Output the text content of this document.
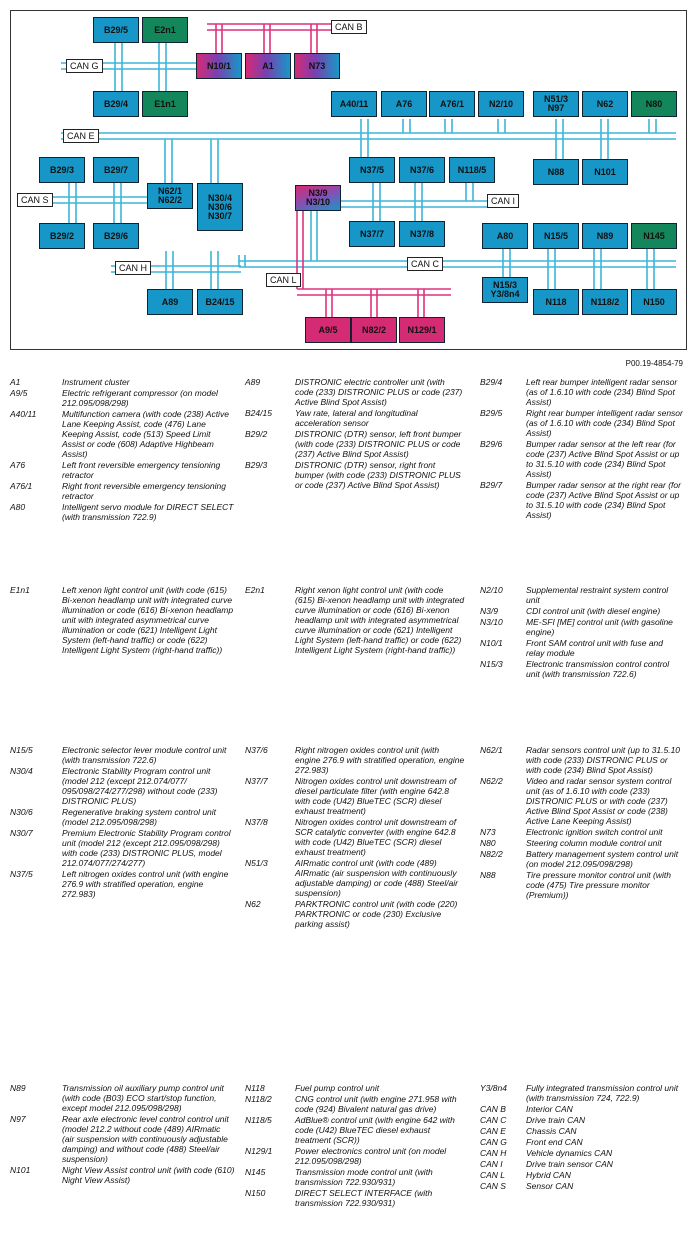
CAN B
CAN G
CAN E
CAN S	CAN I
CAN H	CAN C
CAN L
B29/5	E2n1
N10/1	A1	N73
B29/4	E1n1	A40/11	A76	A76/1	N2/10	N51/3
N97	N62	N80
B29/3	B29/7
N62/1
N62/2	N30/4
N30/6
N30/7
N37/5	N37/6	N118/5	N88	N101
N3/9
N3/10
B29/2	B29/6	N37/7	N37/8	A80	N15/5	N89	N145
A89	B24/15
N15/3
Y3/8n4
N118	N118/2	N150
A9/5	N82/2	N129/1
P00.19-4854-79
A1	Instrument cluster
A9/5	Electric refrigerant compressor (on model 212.095/098/298)
A40/11	Multifunction camera (with code (238) Active Lane Keeping Assist, code (476) Lane Keeping Assist, code (513) Speed Limit Assist or code (608) Adaptive Highbeam Assist)
A76	Left front reversible emergency tensioning retractor
A76/1	Right front reversible emergency tensioning retractor
A80	Intelligent servo module for DIRECT SELECT (with transmission 722.9)
A89	DISTRONIC electric controller unit (with code (233) DISTRONIC PLUS or code (237) Active Blind Spot Assist)
B24/15	Yaw rate, lateral and longitudinal acceleration sensor
B29/2	DISTRONIC (DTR) sensor, left front bumper (with code (233) DISTRONIC PLUS or code (237) Active Blind Spot Assist)
B29/3	DISTRONIC (DTR) sensor, right front bumper (with code (233) DISTRONIC PLUS or code (237) Active Blind Spot Assist)
B29/4	Left rear bumper intelligent radar sensor (as of 1.6.10 with code (234) Blind Spot Assist)
B29/5	Right rear bumper intelligent radar sensor (as of 1.6.10 with code (234) Blind Spot Assist)
B29/6	Bumper radar sensor at the left rear (for code (237) Active Blind Spot Assist or up to 31.5.10 with code (234) Blind Spot Assist)
B29/7	Bumper radar sensor at the right rear (for code (237) Active Blind Spot Assist or up to 31.5.10 with code (234) Blind Spot Assist)
E1n1	Left xenon light control unit (with code (615) Bi-xenon headlamp unit with integrated curve illumination or code (616) Bi-xenon headlamp unit with integrated asymmetrical curve illumination or code (621) Intelligent Light System (left-hand traffic) or code (622) Intelligent Light System (right-hand traffic))
E2n1	Right xenon light control unit (with code (615) Bi-xenon headlamp unit with integrated curve illumination or code (616) Bi-xenon headlamp unit with integrated asymmetrical curve illumination or code (621) Intelligent Light System (left-hand traffic) or code (622) Intelligent Light System (right-hand traffic))
N2/10	Supplemental restraint system control unit
N3/9	CDI control unit (with diesel engine)
N3/10	ME-SFI [ME] control unit (with gasoline engine)
N10/1	Front SAM control unit with fuse and relay module
N15/3	Electronic transmission control control unit (with transmission 722.6)
N15/5	Electronic selector lever module control unit (with transmission 722.6)
N30/4	Electronic Stability Program control unit (model 212 (except 212.074/077/ 095/098/274/277/298) without code (233) DISTRONIC PLUS)
N30/6	Regenerative braking system control unit (model 212.095/098/298)
N30/7	Premium Electronic Stability Program control unit (model 212 (except 212.095/098/298) with code (233) DISTRONIC PLUS, model 212.074/077/274/277)
N37/5	Left nitrogen oxides control unit (with engine 276.9 with stratified operation, engine 272.983)
N37/6	Right nitrogen oxides control unit (with engine 276.9 with stratified operation, engine 272.983)
N37/7	Nitrogen oxides control unit downstream of diesel particulate filter (with engine 642.8 with code (U42) BlueTEC (SCR) diesel exhaust treatment)
N37/8	Nitrogen oxides control unit downstream of SCR catalytic converter (with engine 642.8 with code (U42) BlueTEC (SCR) diesel exhaust treatment)
N51/3	AIRmatic control unit (with code (489) AIRmatic (air suspension with continuously adjustable damping) or code (488) Steel/air suspension)
N62	PARKTRONIC control unit (with code (220) PARKTRONIC or code (230) Exclusive parking assist)
N62/1	Radar sensors control unit (up to 31.5.10 with code (233) DISTRONIC PLUS or with code (234) Blind Spot Assist)
N62/2	Video and radar sensor system control unit (as of 1.6.10 with code (233) DISTRONIC PLUS or with code (237) Active Blind Spot Assist or code (238) Active Lane Keeping Assist)
N73	Electronic ignition switch control unit
N80	Steering column module control unit
N82/2	Battery management system control unit (on model 212.095/098/298)
N88	Tire pressure monitor control unit (with code (475) Tire pressure monitor (Premium))
N89	Transmission oil auxiliary pump control unit (with code (B03) ECO start/stop function, except model 212.095/098/298)
N97	Rear axle electronic level control control unit (model 212.2 without code (489) AIRmatic (air suspension with continuously adjustable damping) and without code (488) Steel/air suspension)
N101	Night View Assist control unit (with code (610) Night View Assist)
N118	Fuel pump control unit
N118/2	CNG control unit (with engine 271.958 with code (924) Bivalent natural gas drive)
N118/5	AdBlue® control unit (with engine 642 with code (U42) BlueTEC diesel exhaust treatment (SCR))
N129/1	Power electronics control unit (on model 212.095/098/298)
N145	Transmission mode control unit (with transmission 722.930/931)
N150	DIRECT SELECT INTERFACE (with transmission 722.930/931)
Y3/8n4	Fully integrated transmission control unit (with transmission 724, 722.9)
CAN B	Interior CAN
CAN C	Drive train CAN
CAN E	Chassis CAN
CAN G	Front end CAN
CAN H	Vehicle dynamics CAN
CAN I	Drive train sensor CAN
CAN L	Hybrid CAN
CAN S	Sensor CAN
